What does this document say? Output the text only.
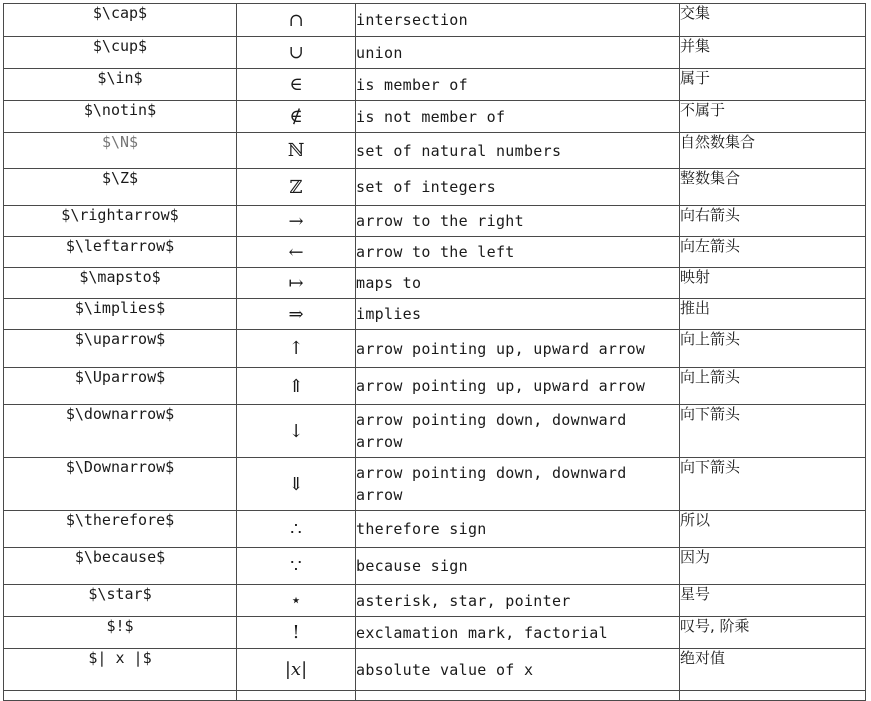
$\cap$	∩	intersection	交集
$\cup$	∪	union	并集
$\in$	∈	is member of	属于
$\notin$	∉	is not member of	不属于
$\N$	ℕ	set of natural numbers	自然数集合
$\Z$	ℤ	set of integers	整数集合
$\rightarrow$	→	arrow to the right	向右箭头
$\leftarrow$	←	arrow to the left	向左箭头
$\mapsto$	↦	maps to	映射
$\implies$	⇒	implies	推出
$\uparrow$	↑	arrow pointing up, upward arrow	向上箭头
$\Uparrow$	⇑	arrow pointing up, upward arrow	向上箭头
$\downarrow$	↓	arrow pointing down, downward arrow	向下箭头
$\Downarrow$	⇓	arrow pointing down, downward arrow	向下箭头
$\therefore$	∴	therefore sign	所以
$\because$	∵	because sign	因为
$\star$	⋆	asterisk, star, pointer	星号
$!$	!	exclamation mark, factorial	叹号, 阶乘
$| x |$	|x|	absolute value of x	绝对值
